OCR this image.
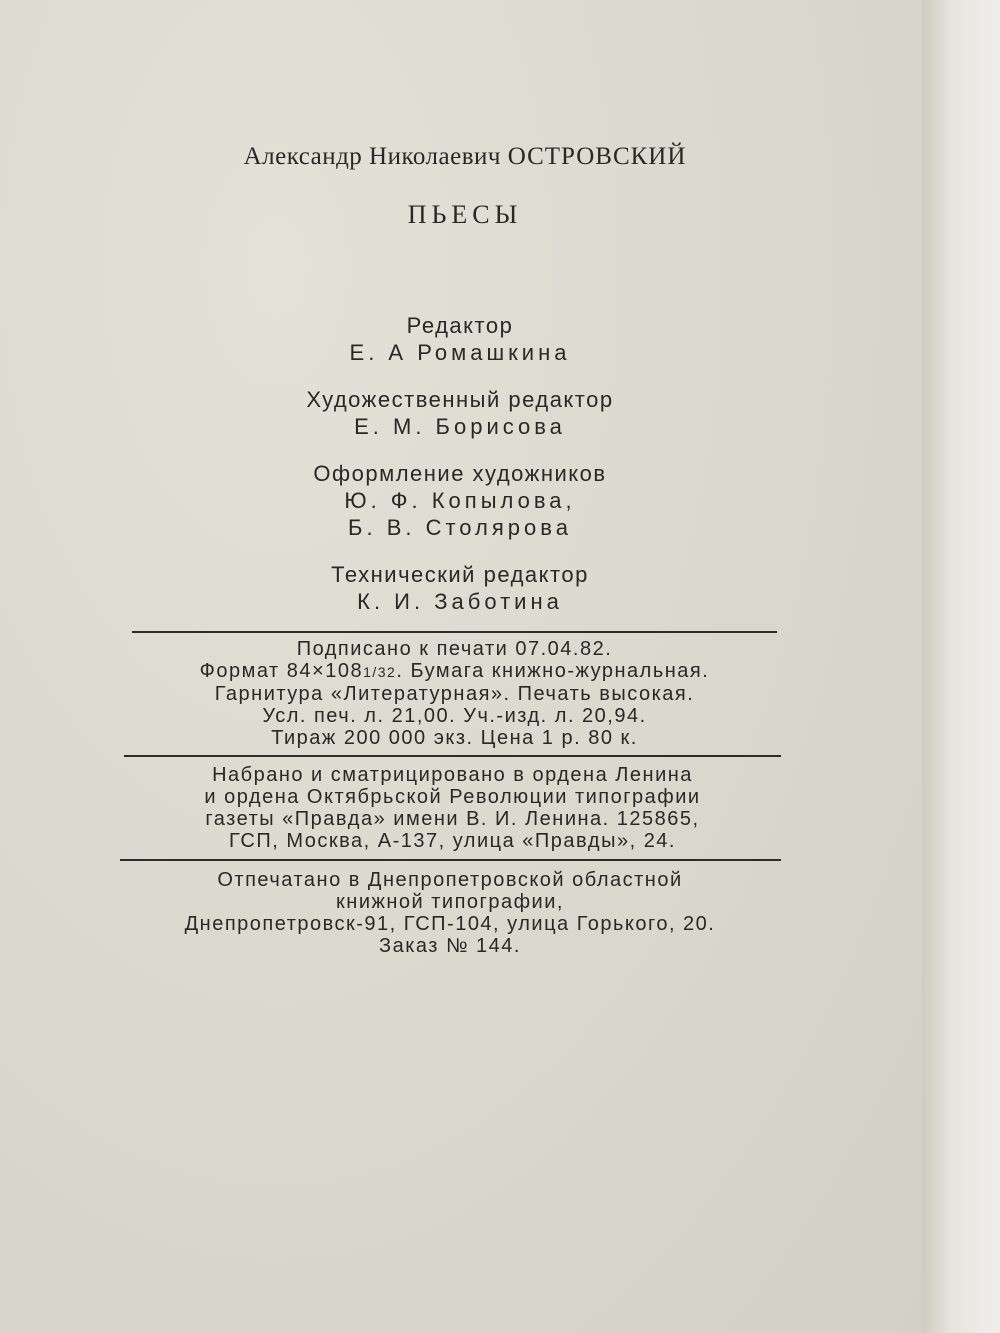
Александр Николаевич ОСТРОВСКИЙ
ПЬЕСЫ
Редактор
Е. А Ромашкина
Художественный редактор
Е. М. Борисова
Оформление художников
Ю. Ф. Копылова,
Б. В. Столярова
Технический редактор
К. И. Заботина
Подписано к печати 07.04.82.
Формат 84×1081/32. Бумага книжно-журнальная.
Гарнитура «Литературная». Печать высокая.
Усл. печ. л. 21,00. Уч.-изд. л. 20,94.
Тираж 200 000 экз. Цена 1 р. 80 к.
Набрано и сматрицировано в ордена Ленина
и ордена Октябрьской Революции типографии
газеты «Правда» имени В. И. Ленина. 125865,
ГСП, Москва, А-137, улица «Правды», 24.
Отпечатано в Днепропетровской областной
книжной типографии,
Днепропетровск-91, ГСП-104, улица Горького, 20.
Заказ № 144.
